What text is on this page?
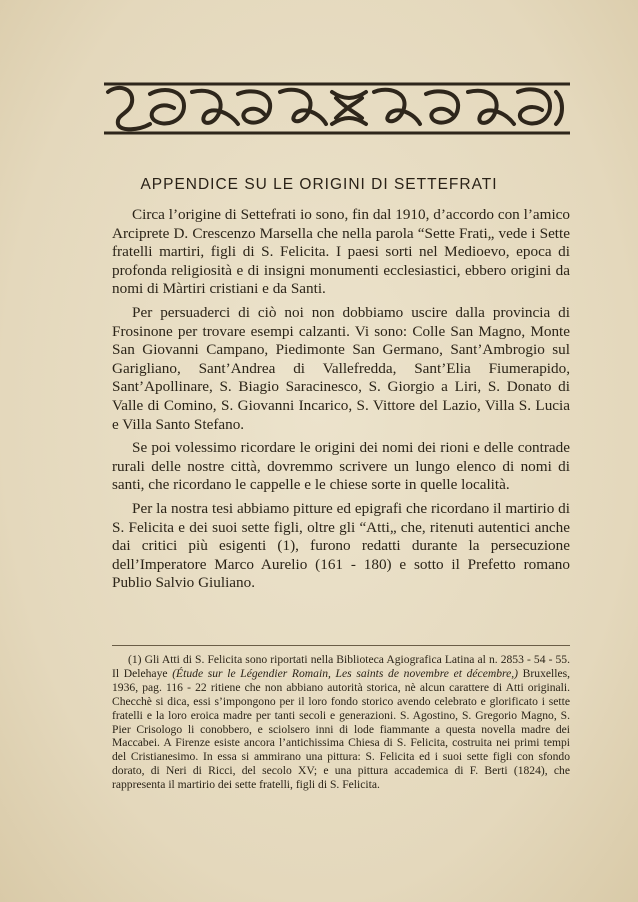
APPENDICE SU LE ORIGINI DI SETTEFRATI

Circa l’origine di Settefrati io sono, fin dal 1910, d’accordo con l’amico Arciprete D. Crescenzo Marsella che nella parola “Sette Frati„ vede i Sette fratelli martiri, figli di S. Felicita. I paesi sorti nel Medioevo, epoca di profonda religiosità e di insigni monumenti ecclesiastici, ebbero origini da nomi di Màrtiri cristiani e da Santi.

Per persuaderci di ciò noi non dobbiamo uscire dalla provincia di Frosinone per trovare esempi calzanti. Vi sono: Colle San Magno, Monte San Giovanni Campano, Piedimonte San Germano, Sant’Ambrogio sul Garigliano, Sant’Andrea di Vallefredda, Sant’Elia Fiumerapido, Sant’Apollinare, S. Biagio Saracinesco, S. Giorgio a Liri, S. Donato di Valle di Comino, S. Giovanni Incarico, S. Vittore del Lazio, Villa S. Lucia e Villa Santo Stefano.

Se poi volessimo ricordare le origini dei nomi dei rioni e delle contrade rurali delle nostre città, dovremmo scrivere un lungo elenco di nomi di santi, che ricordano le cappelle e le chiese sorte in quelle località.

Per la nostra tesi abbiamo pitture ed epigrafi che ricordano il martirio di S. Felicita e dei suoi sette figli, oltre gli “Atti„ che, ritenuti autentici anche dai critici più esigenti (1), furono redatti durante la persecuzione dell’Imperatore Marco Aurelio (161 - 180) e sotto il Prefetto romano Publio Salvio Giuliano.

(1) Gli Atti di S. Felicita sono riportati nella Biblioteca Agiografica Latina al n. 2853 - 54 - 55. Il Delehaye (Étude sur le Légendier Romain, Les saints de novembre et décembre,) Bruxelles, 1936, pag. 116 - 22 ritiene che non abbiano autorità storica, nè alcun carattere di Atti originali. Checchè si dica, essi s’impongono per il loro fondo storico avendo celebrato e glorificato i sette fratelli e la loro eroica madre per tanti secoli e generazioni. S. Agostino, S. Gregorio Magno, S. Pier Crisologo li conobbero, e sciolsero inni di lode fiammante a questa novella madre dei Maccabei. A Firenze esiste ancora l’antichissima Chiesa di S. Felicita, costruita nei primi tempi del Cristianesimo. In essa si ammirano una pittura: S. Felicita ed i suoi sette figli con sfondo dorato, di Neri di Ricci, del secolo XV; e una pittura accademica di F. Berti (1824), che rappresenta il martirio dei sette fratelli, figli di S. Felicita.
